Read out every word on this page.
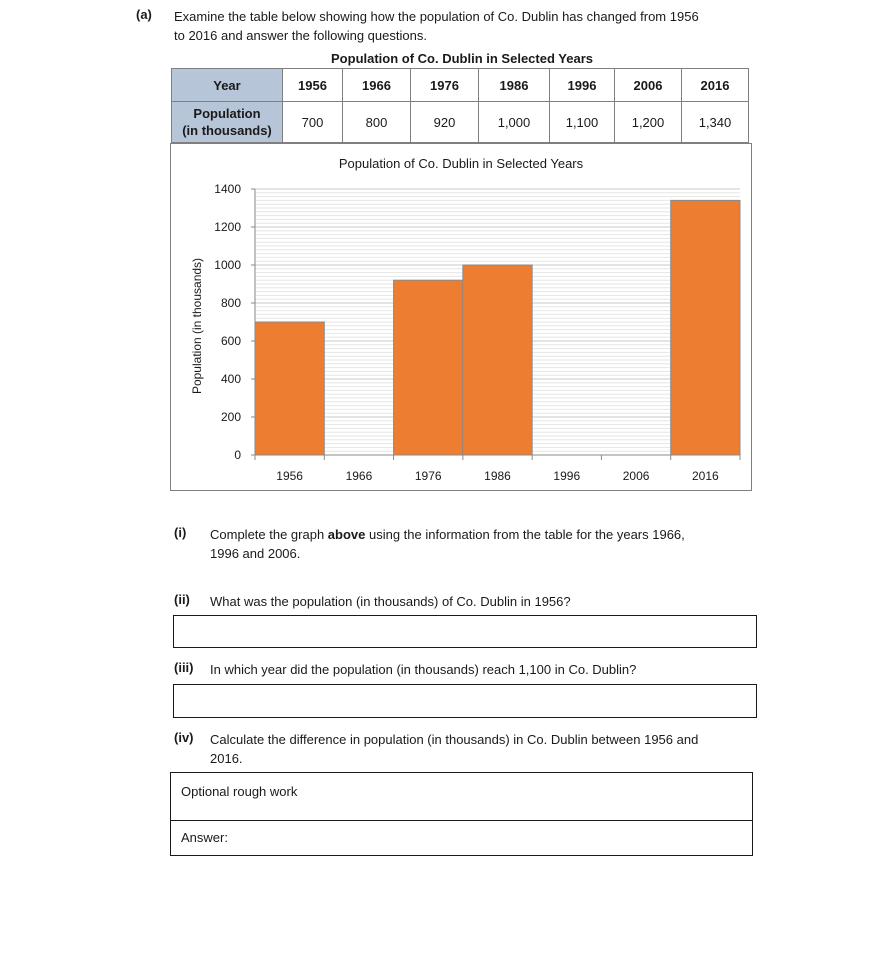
(a) Examine the table below showing how the population of Co. Dublin has changed from 1956
to 2016 and answer the following questions.
Population of Co. Dublin in Selected Years
Year	1956	1966	1976	1986	1996	2006	2016

Population
(in thousands)	700	800	920	1,000	1,100	1,200	1,340
Population of Co. Dublin in Selected Years
Population (in thousands)
0
200
400
600
800
1000
1200
1400
1956	1966	1976	1986	1996	2006	2016
(i) Complete the graph above using the information from the table for the years 1966,
1996 and 2006.
(ii) What was the population (in thousands) of Co. Dublin in 1956?
(iii) In which year did the population (in thousands) reach 1,100 in Co. Dublin?
(iv) Calculate the difference in population (in thousands) in Co. Dublin between 1956 and
2016.
Optional rough work
Answer:
